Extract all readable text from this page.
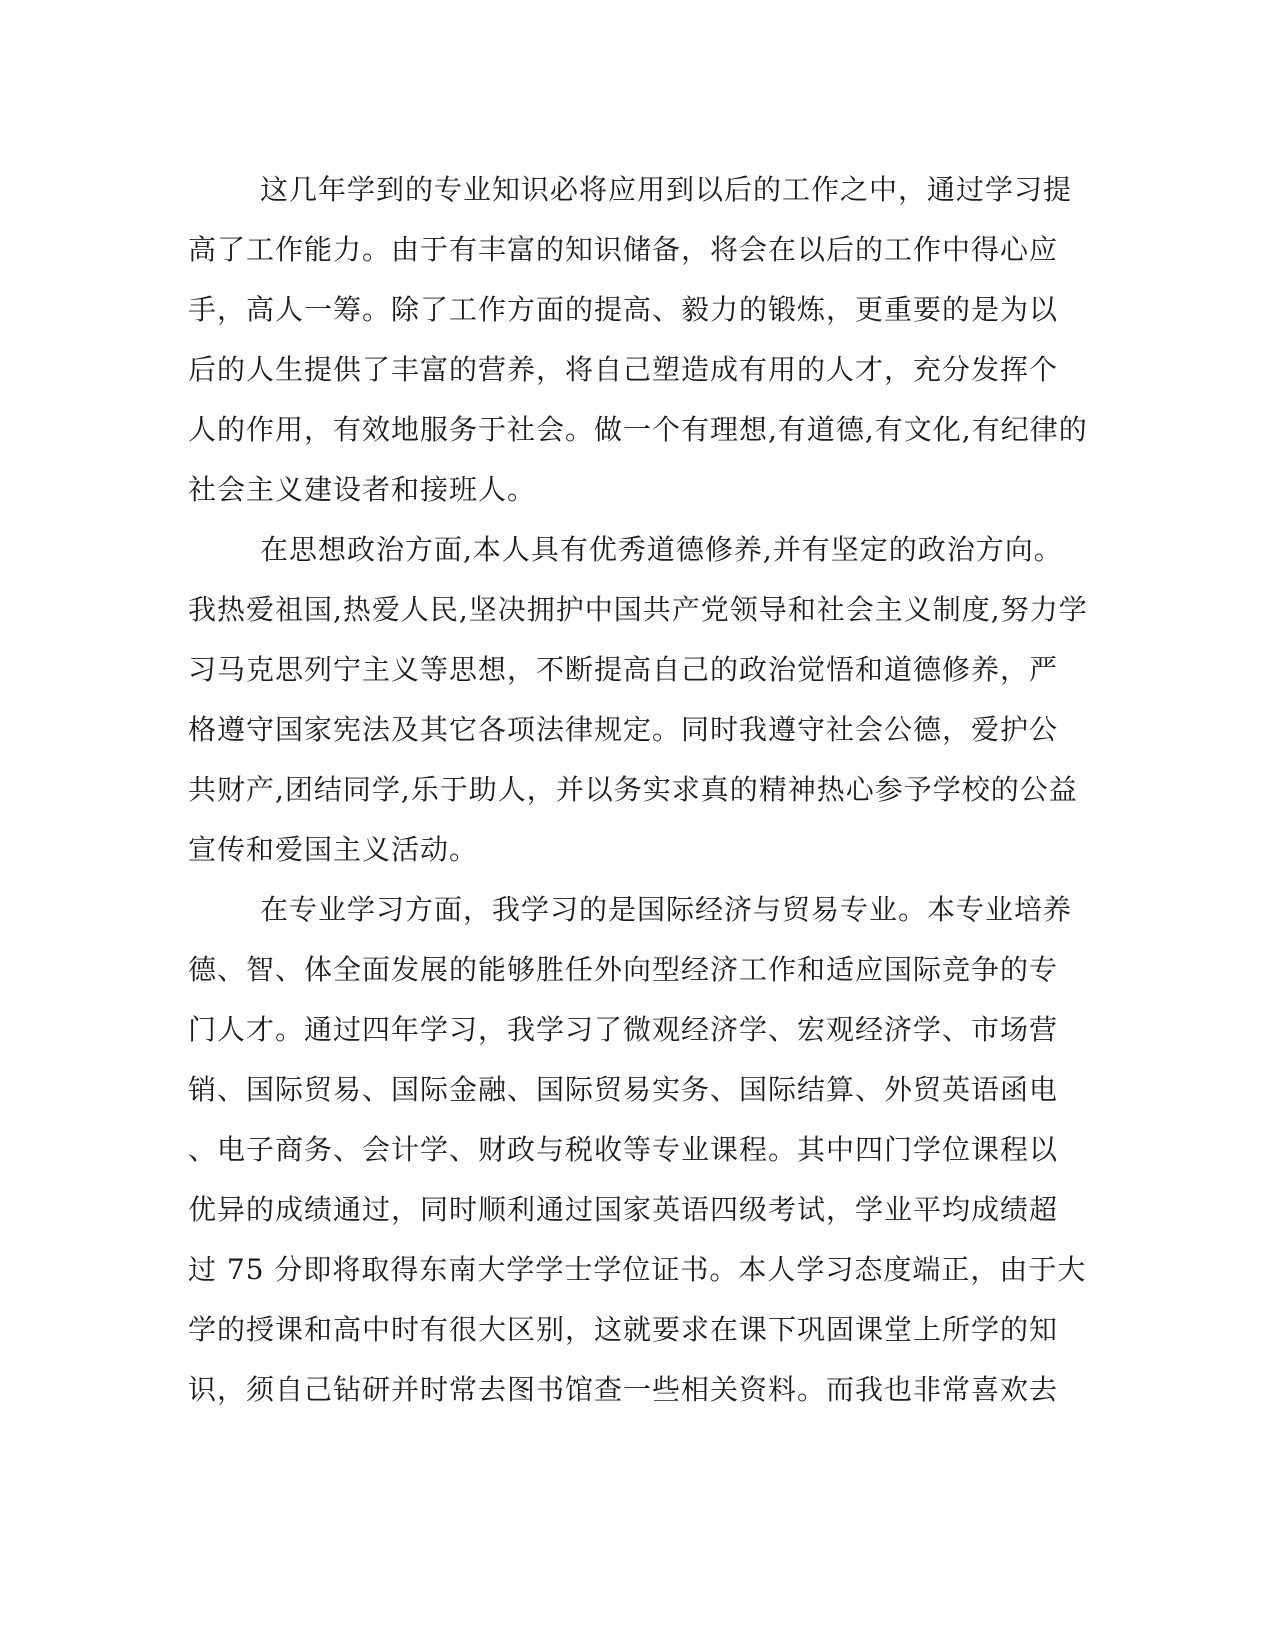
这几年学到的专业知识必将应用到以后的工作之中，通过学习提
高了工作能力。由于有丰富的知识储备，将会在以后的工作中得心应
手，高人一筹。除了工作方面的提高、毅力的锻炼，更重要的是为以
后的人生提供了丰富的营养，将自己塑造成有用的人才，充分发挥个
人的作用，有效地服务于社会。做一个有理想,有道德,有文化,有纪律的
社会主义建设者和接班人。
在思想政治方面,本人具有优秀道德修养,并有坚定的政治方向。
我热爱祖国,热爱人民,坚决拥护中国共产党领导和社会主义制度,努力学
习马克思列宁主义等思想，不断提高自己的政治觉悟和道德修养，严
格遵守国家宪法及其它各项法律规定。同时我遵守社会公德，爱护公
共财产,团结同学,乐于助人，并以务实求真的精神热心参予学校的公益
宣传和爱国主义活动。
在专业学习方面，我学习的是国际经济与贸易专业。本专业培养
德、智、体全面发展的能够胜任外向型经济工作和适应国际竞争的专
门人才。通过四年学习，我学习了微观经济学、宏观经济学、市场营
销、国际贸易、国际金融、国际贸易实务、国际结算、外贸英语函电
、电子商务、会计学、财政与税收等专业课程。其中四门学位课程以
优异的成绩通过，同时顺利通过国家英语四级考试，学业平均成绩超
过 75 分即将取得东南大学学士学位证书。本人学习态度端正，由于大
学的授课和高中时有很大区别，这就要求在课下巩固课堂上所学的知
识，须自己钻研并时常去图书馆查一些相关资料。而我也非常喜欢去
